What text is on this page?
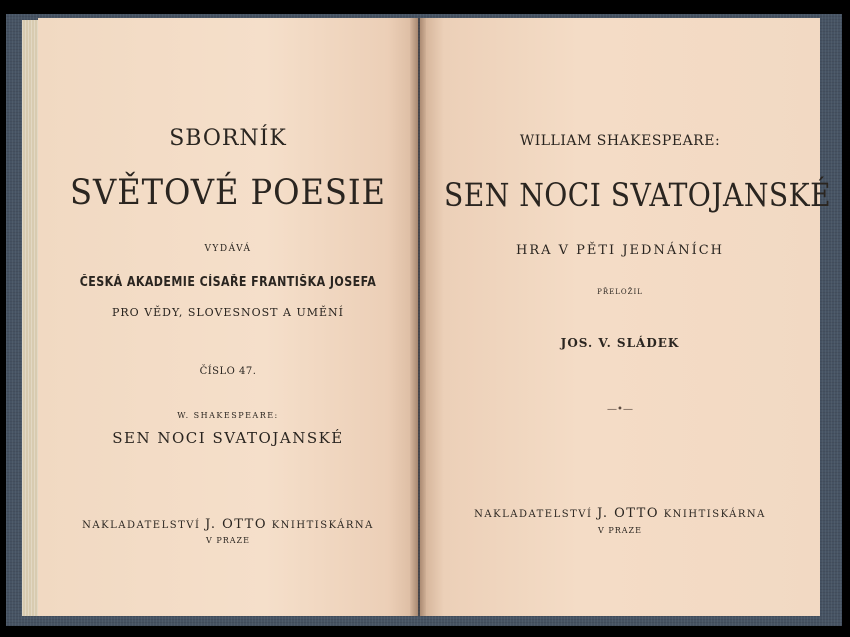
SBORNÍK
SVĚTOVÉ POESIE
VYDÁVÁ
ČESKÁ AKADEMIE CÍSAŘE FRANTIŠKA JOSEFA
PRO VĚDY, SLOVESNOST A UMĚNÍ
ČÍSLO 47.
W. SHAKESPEARE:
SEN NOCI SVATOJANSKÉ
NAKLADATELSTVÍ J. OTTO KNIHTISKÁRNA
V PRAZE
WILLIAM SHAKESPEARE:
SEN NOCI SVATOJANSKÉ
HRA V PĚTI JEDNÁNÍCH
PŘELOŽIL
JOS. V. SLÁDEK
—•—
NAKLADATELSTVÍ J. OTTO KNIHTISKÁRNA
V PRAZE
